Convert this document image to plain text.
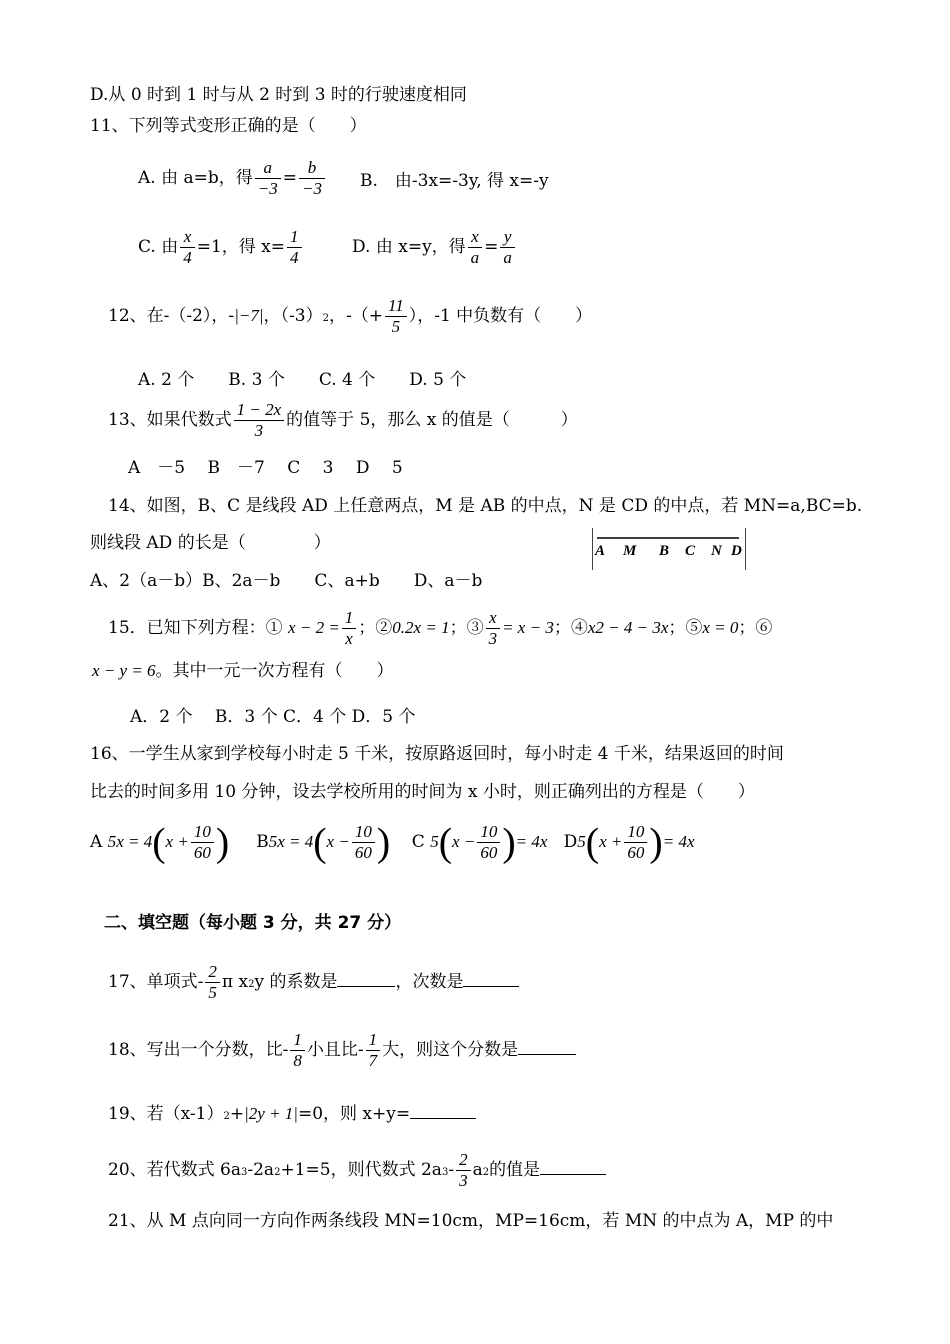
D.从 0 时到 1 时与从 2 时到 3 时的行驶速度相同
11、下列等式变形正确的是（　　）
A. 由 a=b，得 $\frac{a}{-3} = \frac{b}{-3} B$.　由-3x=-3y, 得 x=-y
C. 由 $\frac{x}{4} =1$，得 $x= \frac{1}{4}$	D. 由 x=y，得 $\frac{x}{a} = \frac{y}{a}$
12、在-（-2），-|−7|，（-3）2，-（+ $\frac{11}{5}$ ），-1 中负数有（　　）
A. 2 个　　B. 3 个　　C. 4 个　　D. 5 个
13、如果代数式 $\frac{1 - 2x}{3}$ 的值等于 5，那么 x 的值是（　　　）
A　－5　 B　－7　 C　 3　 D　 5
14、如图，B、C 是线段 AD 上任意两点，M 是 AB 的中点，N 是 CD 的中点，若 MN=a,BC=b.
则线段 AD 的长是（　　　　）	A M B C N D
A、2（a－b）B、2a－b　　C、a+b　　D、a－b
15．已知下列方程：① $x - 2 = \frac{1}{x}$ ；②0.2x = 1；③ $\frac{x}{3} = x - 3$；④x2 − 4 − 3x；⑤x = 0；⑥
x − y = 6。其中一元一次方程有（　　）
A．2 个　 B．3 个 C．4 个 D．5 个
16、一学生从家到学校每小时走 5 千米，按原路返回时，每小时走 4 千米，结果返回的时间
比去的时间多用 10 分钟，设去学校所用的时间为 x 小时，则正确列出的方程是（　　）
A $5x = 4(x + \frac{10}{60}$ ) $B5x = 4(x - \frac{10}{60}$ ) C $5(x - \frac{10}{60}$ )= 4x $D5(x + \frac{10}{60}$ )= 4x
二、填空题（每小题 3 分，共 27 分）
17、单项式- $\frac{2}{5}$ π x2y 的系数是	，次数是
18、写出一个分数，比- $\frac{1}{8}$ 小且比- $\frac{1}{7}$ 大，则这个分数是
19、若（x-1）2+|2y + 1|=0，则 x+y=
20、若代数式 6a3-2a2+1=5，则代数式 $2a3- \frac{2}{3} a2$的值是
21、从 M 点向同一方向作两条线段 MN=10cm，MP=16cm，若 MN 的中点为 A，MP 的中
